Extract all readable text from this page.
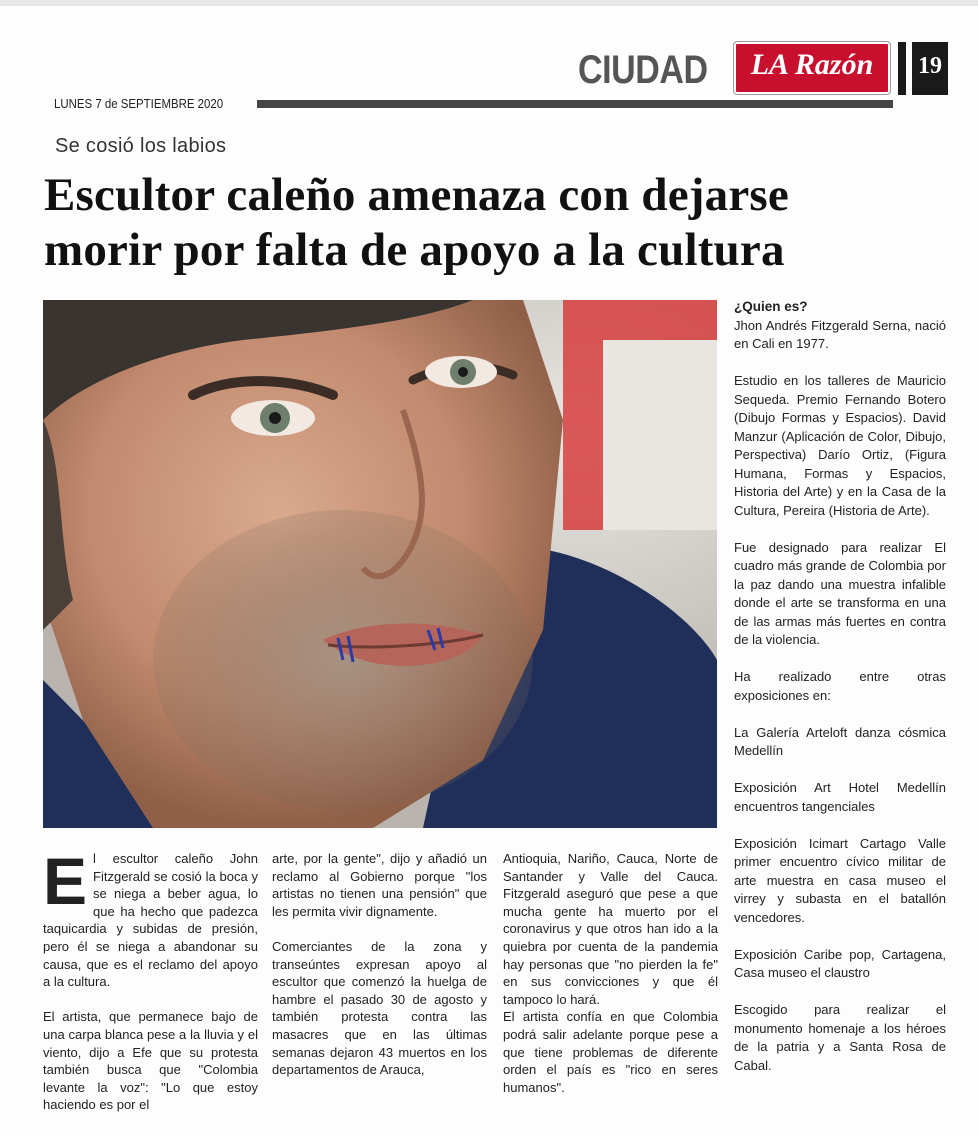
CIUDAD	LA Razón	19
LUNES 7 de SEPTIEMBRE 2020
Se cosió los labios
Escultor caleño amenaza con dejarse
morir por falta de apoyo a la cultura

¿Quien es?

Jhon Andrés Fitzgerald Serna, nació en Cali en 1977.

Estudio en los talleres de Mauricio Sequeda. Premio Fernando Botero (Dibujo Formas y Espacios). David Manzur (Aplicación de Color, Dibujo, Perspectiva) Darío Ortiz, (Figura Humana, Formas y Espacios, Historia del Arte) y en la Casa de la Cultura, Pereira (Historia de Arte).

Fue designado para realizar El cuadro más grande de Colombia por la paz dando una muestra infalible donde el arte se transforma en una de las armas más fuertes en contra de la violencia.

Ha realizado entre otras exposiciones en:

La Galería Arteloft danza cósmica Medellín

Exposición Art Hotel Medellín encuentros tangenciales

Exposición Icimart Cartago Valle primer encuentro cívico militar de arte muestra en casa museo el virrey y subasta en el batallón vencedores.

Exposición Caribe pop, Cartagena, Casa museo el claustro

Escogido para realizar el monumento homenaje a los héroes de la patria y a Santa Rosa de Cabal.

El escultor caleño John Fitzgerald se cosió la boca y se niega a beber agua, lo que ha hecho que padezca taquicardia y subidas de presión, pero él se niega a abandonar su causa, que es el reclamo del apoyo a la cultura.

El artista, que permanece bajo de una carpa blanca pese a la lluvia y el viento, dijo a Efe que su protesta también busca que "Colombia levante la voz": "Lo que estoy haciendo es por el

arte, por la gente", dijo y añadió un reclamo al Gobierno porque "los artistas no tienen una pensión" que les permita vivir dignamente.

Comerciantes de la zona y transeúntes expresan apoyo al escultor que comenzó la huelga de hambre el pasado 30 de agosto y también protesta contra las masacres que en las últimas semanas dejaron 43 muertos en los departamentos de Arauca,

Antioquia, Nariño, Cauca, Norte de Santander y Valle del Cauca. Fitzgerald aseguró que pese a que mucha gente ha muerto por el coronavirus y que otros han ido a la quiebra por cuenta de la pandemia hay personas que "no pierden la fe" en sus convicciones y que él tampoco lo hará.

El artista confía en que Colombia podrá salir adelante porque pese a que tiene problemas de diferente orden el país es "rico en seres humanos".
